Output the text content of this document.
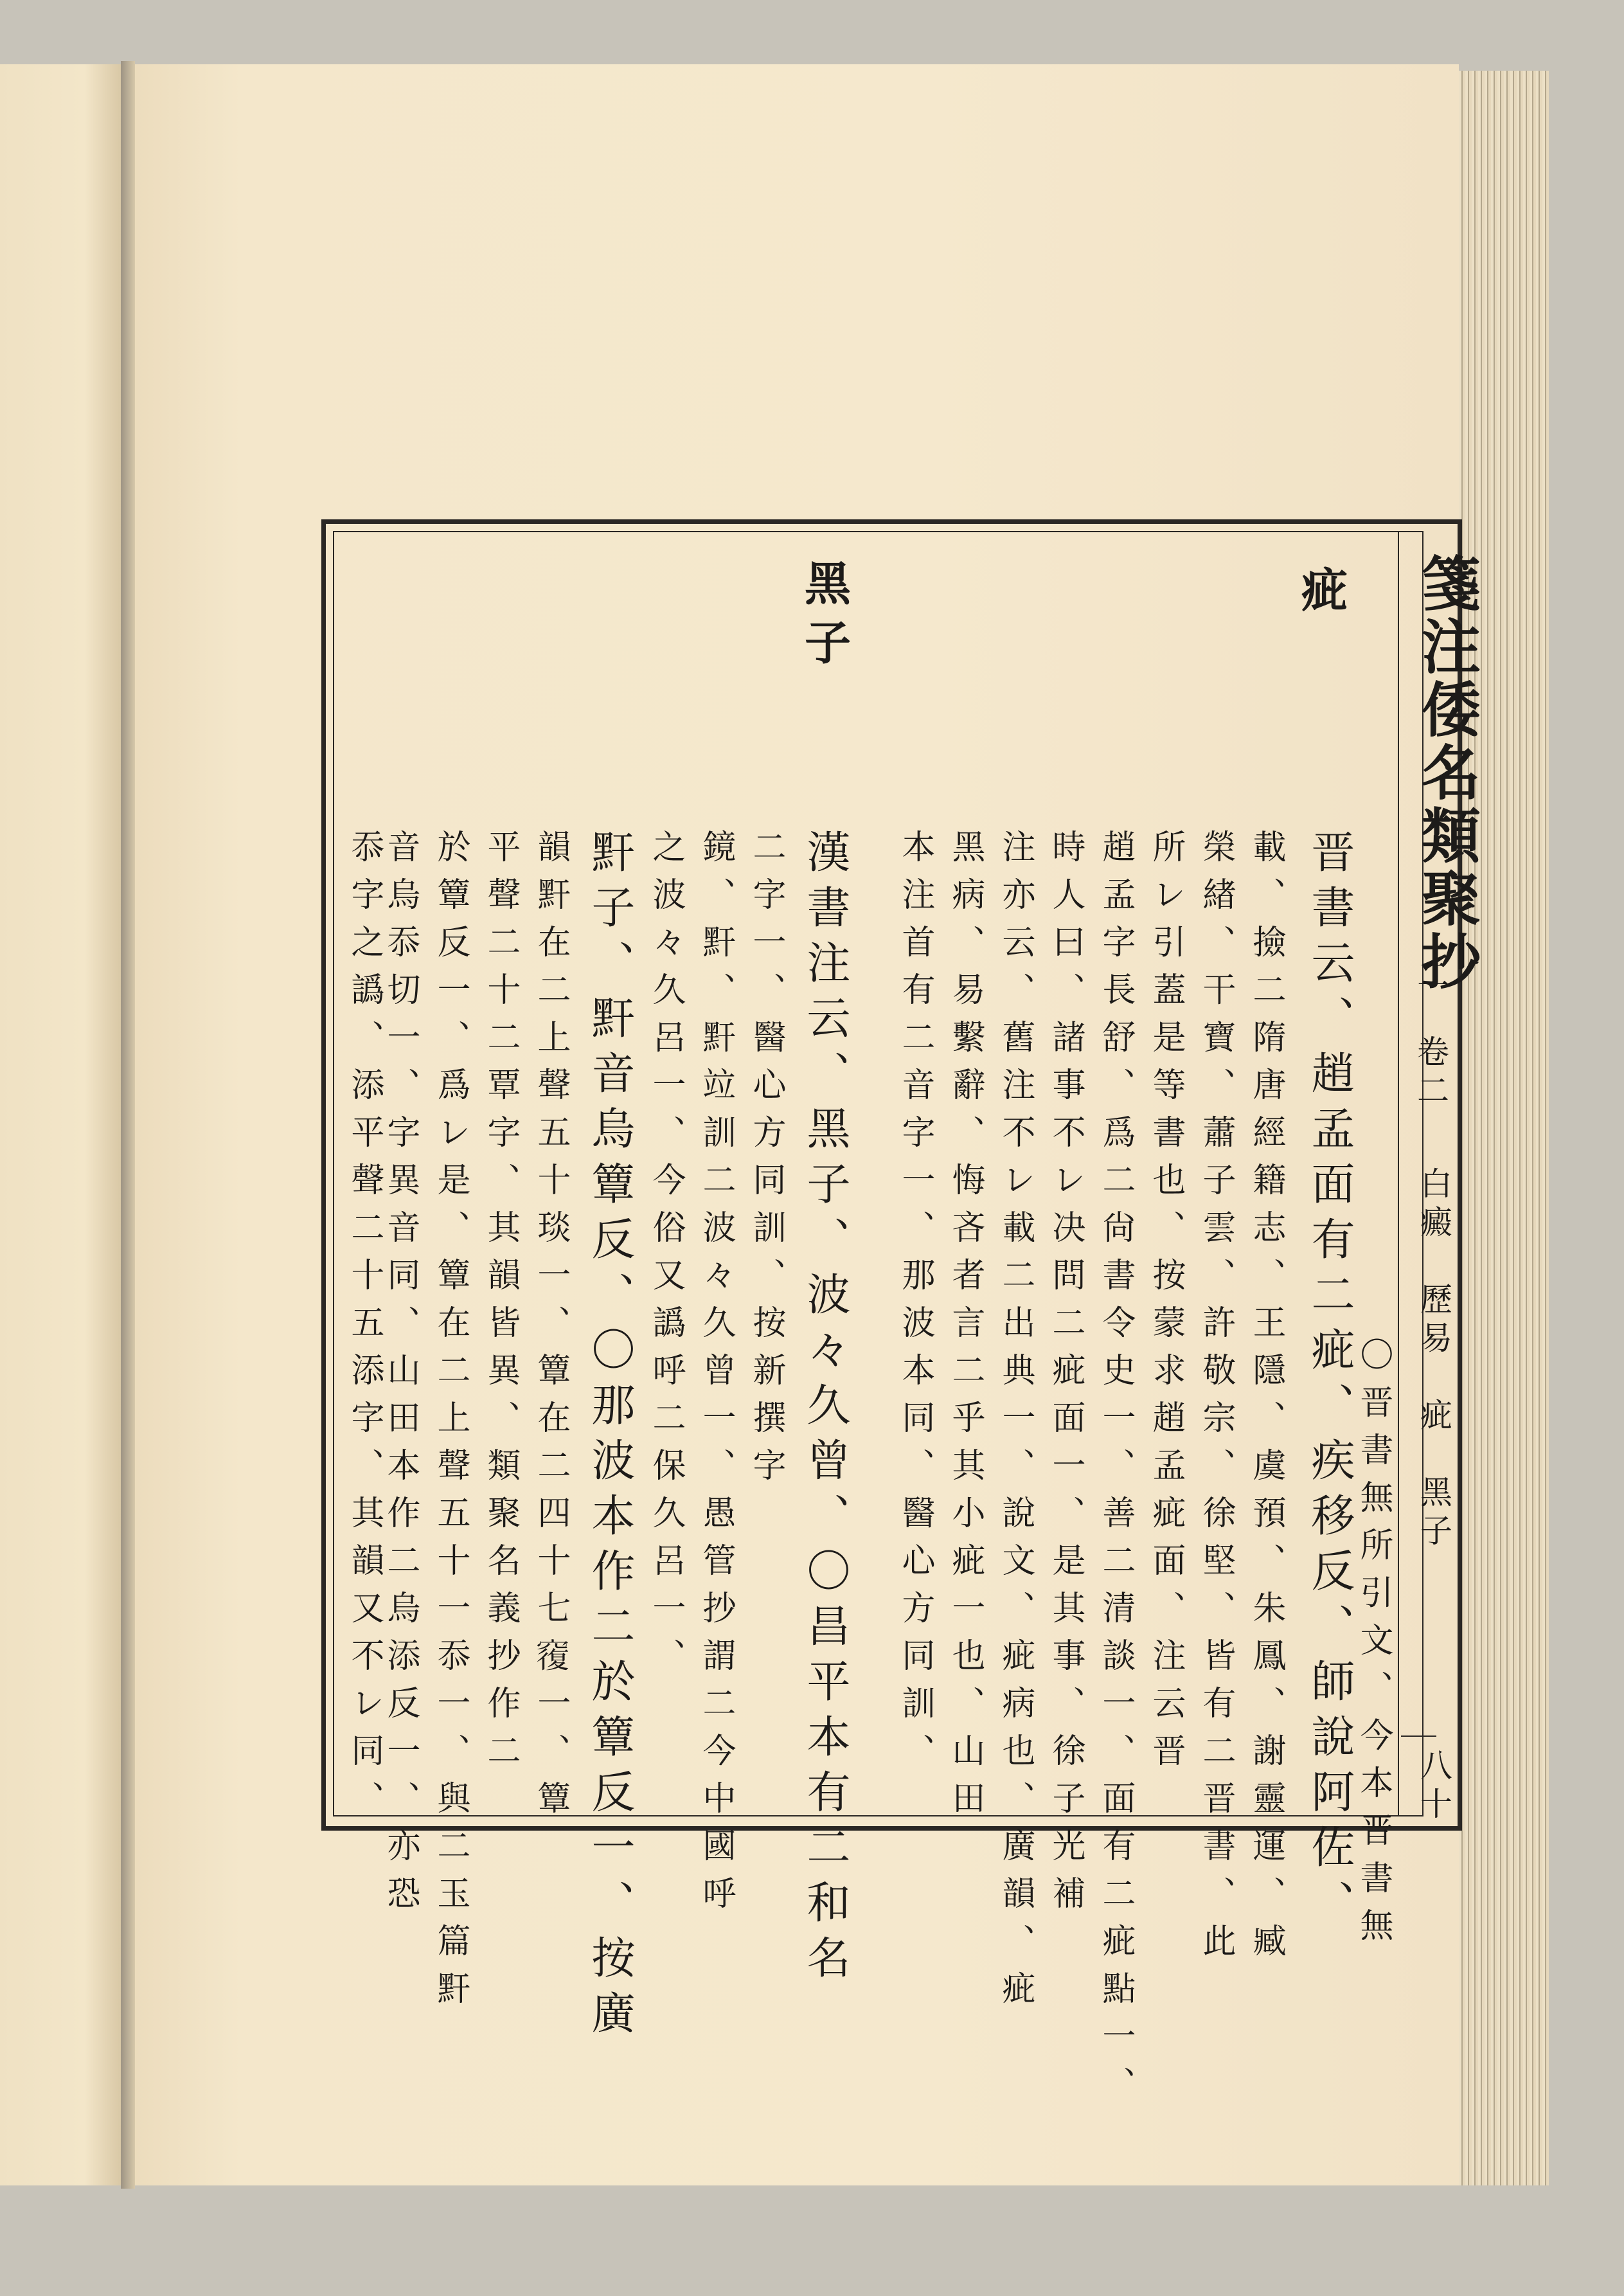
箋注倭名類聚抄
二　卷二
白癜　歷易　疵　黑子
八十
疵
黑子
〇晋書無所引文、今本晋書無
晋書云、趙孟面有二疵、疾移反、師說阿佐、
載、撿二隋唐經籍志、王隱、虞預、朱鳳、謝靈運、臧
榮緖、干寶、蕭子雲、許敬宗、徐堅、皆有二晋書、此
所レ引蓋是等書也、按蒙求趙孟疵面、注云晋
趙孟字長舒、爲二尙書令史一、善二清談一、面有二疵點一、
時人曰、諸事不レ决問二疵面一、是其事、徐子光補
注亦云、舊注不レ載二出典一、說文、疵病也、廣韻、疵
黑病、易繫辭、悔吝者言二乎其小疵一也、山田
本注首有二音字一、那波本同、醫心方同訓、
漢書注云、黑子、波々久曾、〇昌平本有二和名
二字一、醫心方同訓、按新撰字
鏡、䵟、䵟竝訓二波々久曾一、愚管抄謂二今中國呼
之波々久呂一、今俗又譌呼二保久呂一、
䵟子、䵟音烏簟反、〇那波本作二於簟反一、按廣
韻䵟在二上聲五十琰一、簟在二四十七𥨍一、簟
平聲二十二覃字、其韻皆異、類聚名義抄作二
於簟反一、爲レ是、簟在二上聲五十一忝一、與二玉篇䵟
音烏忝切一、字異音同、山田本作二烏添反一、亦恐
忝字之譌、添平聲二十五添字、其韻又不レ同、
